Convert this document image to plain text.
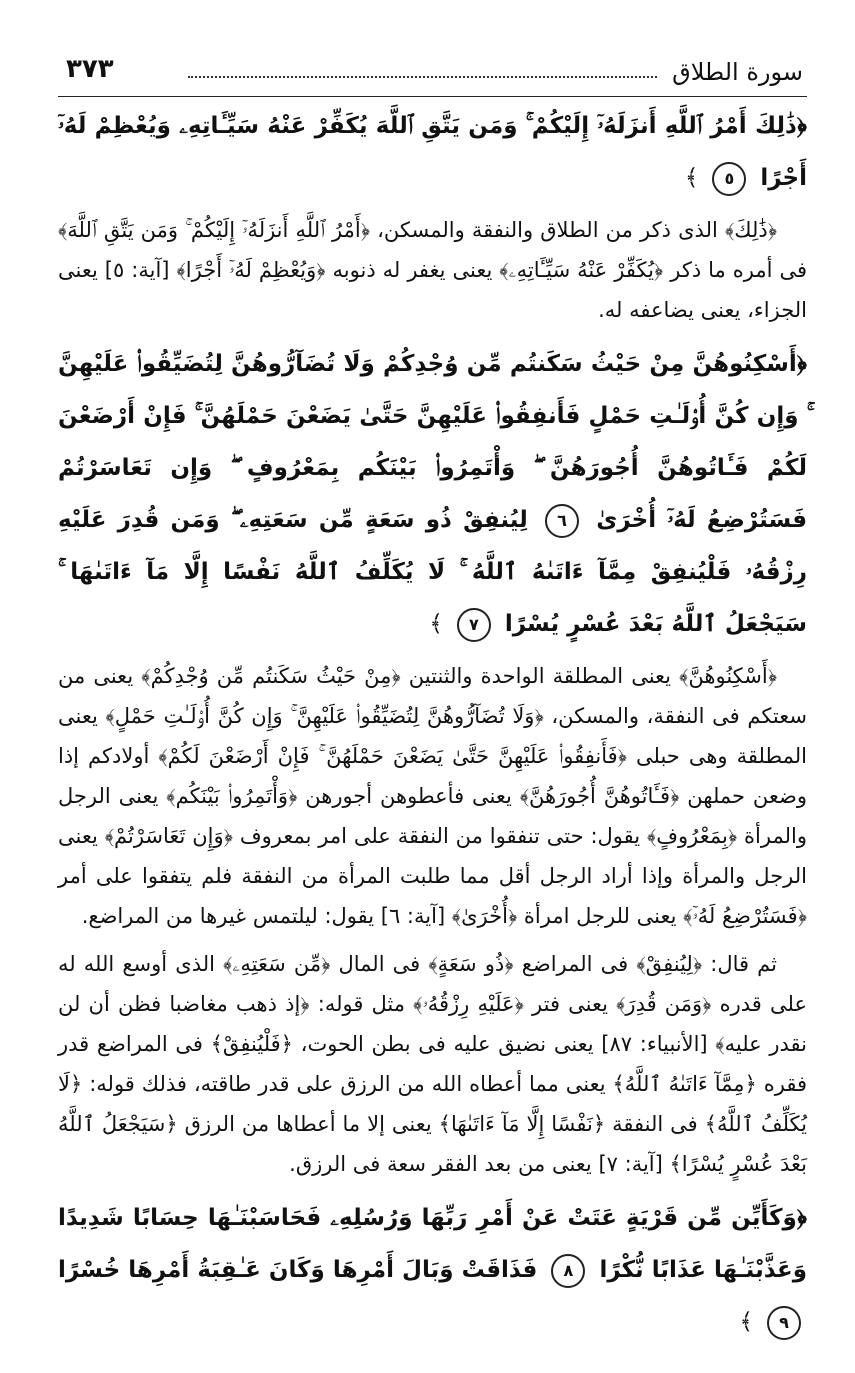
سورة الطلاق
٣٧٣

﴿ذَٰلِكَ أَمْرُ ٱللَّهِ أَنزَلَهُۥٓ إِلَيْكُمْ ۚ وَمَن يَتَّقِ ٱللَّهَ يُكَفِّرْ عَنْهُ سَيِّـَٔاتِهِۦ وَيُعْظِمْ لَهُۥٓ أَجْرًا ٥ ﴾

﴿ذَٰلِكَ﴾ الذى ذكر من الطلاق والنفقة والمسكن، ﴿أَمْرُ ٱللَّهِ أَنزَلَهُۥٓ إِلَيْكُمْ ۚ وَمَن يَتَّقِ ٱللَّهَ﴾ فى أمره ما ذكر ﴿يُكَفِّرْ عَنْهُ سَيِّـَٔاتِهِۦ﴾ يعنى يغفر له ذنوبه ﴿وَيُعْظِمْ لَهُۥٓ أَجْرًا﴾ [آية: ٥] يعنى الجزاء، يعنى يضاعفه له.

﴿أَسْكِنُوهُنَّ مِنْ حَيْثُ سَكَنتُم مِّن وُجْدِكُمْ وَلَا تُضَآرُّوهُنَّ لِتُضَيِّقُوا۟ عَلَيْهِنَّ ۚ وَإِن كُنَّ أُو۟لَـٰتِ حَمْلٍ فَأَنفِقُوا۟ عَلَيْهِنَّ حَتَّىٰ يَضَعْنَ حَمْلَهُنَّ ۚ فَإِنْ أَرْضَعْنَ لَكُمْ فَـَٔاتُوهُنَّ أُجُورَهُنَّ ۖ وَأْتَمِرُوا۟ بَيْنَكُم بِمَعْرُوفٍ ۖ وَإِن تَعَاسَرْتُمْ فَسَتُرْضِعُ لَهُۥٓ أُخْرَىٰ ٦ لِيُنفِقْ ذُو سَعَةٍ مِّن سَعَتِهِۦ ۖ وَمَن قُدِرَ عَلَيْهِ رِزْقُهُۥ فَلْيُنفِقْ مِمَّآ ءَاتَىٰهُ ٱللَّهُ ۚ لَا يُكَلِّفُ ٱللَّهُ نَفْسًا إِلَّا مَآ ءَاتَىٰهَا ۚ سَيَجْعَلُ ٱللَّهُ بَعْدَ عُسْرٍ يُسْرًا ٧ ﴾

﴿أَسْكِنُوهُنَّ﴾ يعنى المطلقة الواحدة والثنتين ﴿مِنْ حَيْثُ سَكَنتُم مِّن وُجْدِكُمْ﴾ يعنى من سعتكم فى النفقة، والمسكن، ﴿وَلَا تُضَآرُّوهُنَّ لِتُضَيِّقُوا۟ عَلَيْهِنَّ ۚ وَإِن كُنَّ أُو۟لَـٰتِ حَمْلٍ﴾ يعنى المطلقة وهى حبلى ﴿فَأَنفِقُوا۟ عَلَيْهِنَّ حَتَّىٰ يَضَعْنَ حَمْلَهُنَّ ۚ فَإِنْ أَرْضَعْنَ لَكُمْ﴾ أولادكم إذا وضعن حملهن ﴿فَـَٔاتُوهُنَّ أُجُورَهُنَّ﴾ يعنى فأعطوهن أجورهن ﴿وَأْتَمِرُوا۟ بَيْنَكُم﴾ يعنى الرجل والمرأة ﴿بِمَعْرُوفٍ﴾ يقول: حتى تنفقوا من النفقة على امر بمعروف ﴿وَإِن تَعَاسَرْتُمْ﴾ يعنى الرجل والمرأة وإذا أراد الرجل أقل مما طلبت المرأة من النفقة فلم يتفقوا على أمر ﴿فَسَتُرْضِعُ لَهُۥٓ﴾ يعنى للرجل امرأة ﴿أُخْرَىٰ﴾ [آية: ٦] يقول: ليلتمس غيرها من المراضع.

ثم قال: ﴿لِيُنفِقْ﴾ فى المراضع ﴿ذُو سَعَةٍ﴾ فى المال ﴿مِّن سَعَتِهِۦ﴾ الذى أوسع الله له على قدره ﴿وَمَن قُدِرَ﴾ يعنى فتر ﴿عَلَيْهِ رِزْقُهُۥ﴾ مثل قوله: ﴿إذ ذهب مغاضبا فظن أن لن نقدر عليه﴾ [الأنبياء: ٨٧] يعنى نضيق عليه فى بطن الحوت، ﴿فَلْيُنفِقْ﴾ فى المراضع قدر فقره ﴿مِمَّآ ءَاتَىٰهُ ٱللَّهُ﴾ يعنى مما أعطاه الله من الرزق على قدر طاقته، فذلك قوله: ﴿لَا يُكَلِّفُ ٱللَّهُ﴾ فى النفقة ﴿نَفْسًا إِلَّا مَآ ءَاتَىٰهَا﴾ يعنى إلا ما أعطاها من الرزق ﴿سَيَجْعَلُ ٱللَّهُ بَعْدَ عُسْرٍ يُسْرًا﴾ [آية: ٧] يعنى من بعد الفقر سعة فى الرزق.

﴿وَكَأَيِّن مِّن قَرْيَةٍ عَتَتْ عَنْ أَمْرِ رَبِّهَا وَرُسُلِهِۦ فَحَاسَبْنَـٰهَا حِسَابًا شَدِيدًا وَعَذَّبْنَـٰهَا عَذَابًا نُّكْرًا ٨ فَذَاقَتْ وَبَالَ أَمْرِهَا وَكَانَ عَـٰقِبَةُ أَمْرِهَا خُسْرًا ٩ ﴾
